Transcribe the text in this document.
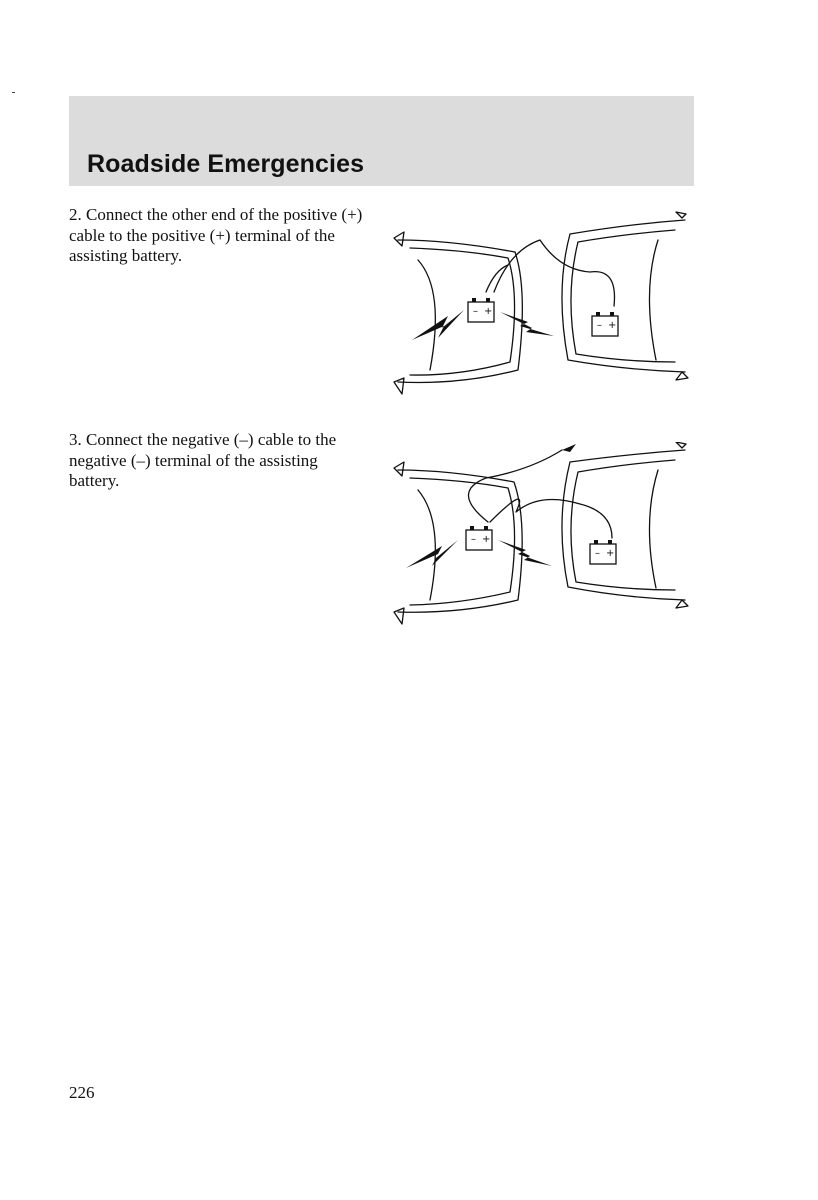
Roadside Emergencies

2. Connect the other end of the positive (+) cable to the positive (+) terminal of the assisting battery.

– +
– +

3. Connect the negative (–) cable to the negative (–) terminal of the assisting battery.

– +
– +
226
